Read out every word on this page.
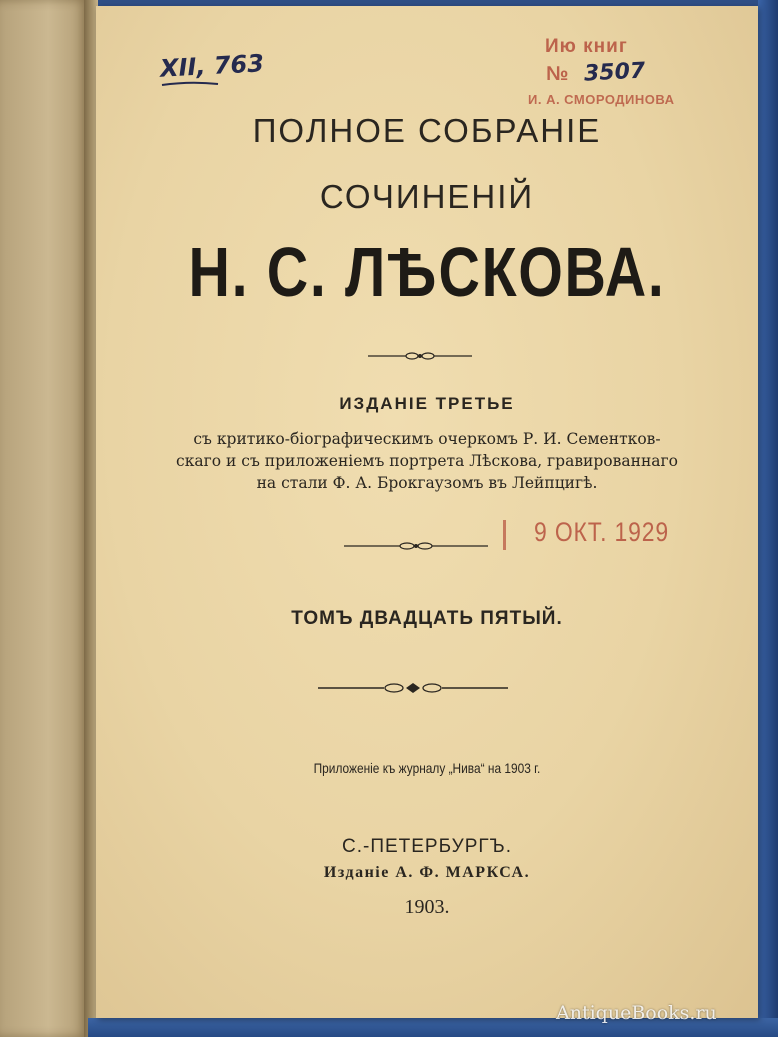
XII, 763
Ию книг
№ 3507
И. А. СМОРОДИНОВА
ПОЛНОЕ СОБРАНІЕ
СОЧИНЕНІЙ
Н. С. ЛѢСКОВА.
ИЗДАНІЕ ТРЕТЬЕ
съ критико-біографическимъ очеркомъ Р. И. Сементков-
скаго и съ приложеніемъ портрета Лѣскова, гравированнаго
на стали Ф. А. Брокгаузомъ въ Лейпцигѣ.
9 ОКТ. 1929
ТОМЪ ДВАДЦАТЬ ПЯТЫЙ.
Приложеніе къ журналу „Нива“ на 1903 г.
С.-ПЕТЕРБУРГЪ.
Изданіе А. Ф. МАРКСА.
1903.
AntiqueBooks.ru
